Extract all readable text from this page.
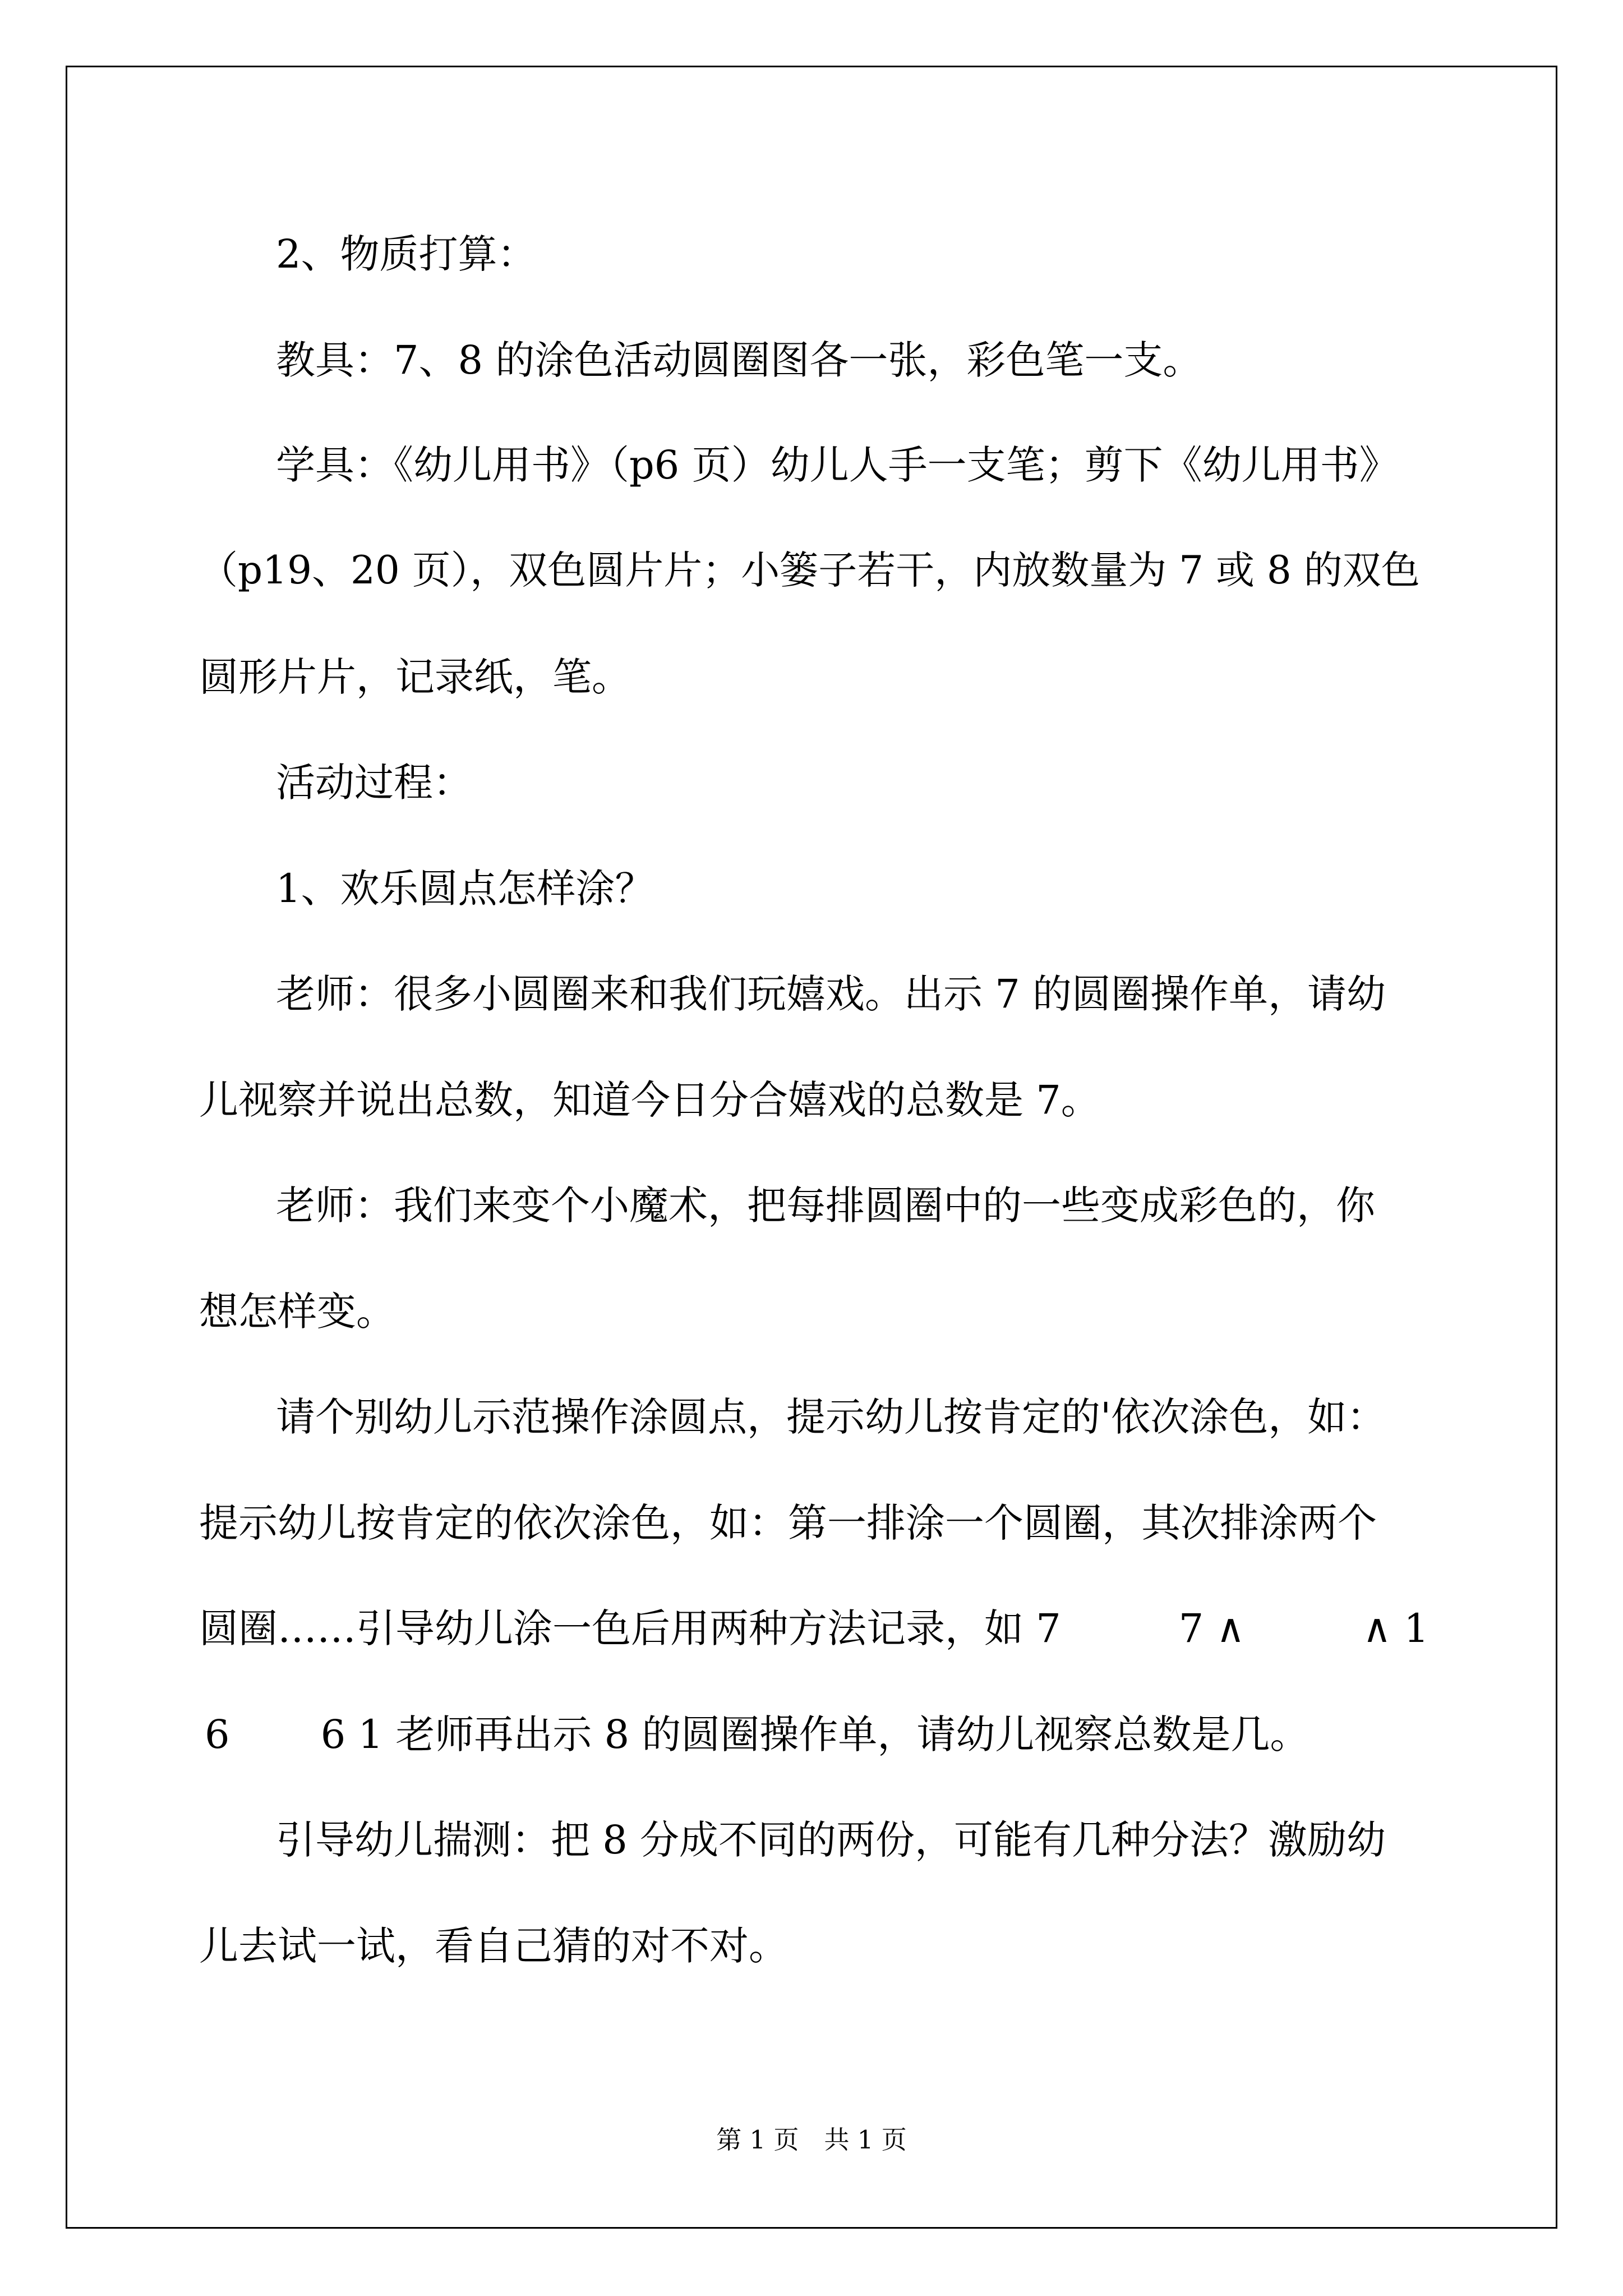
2、物质打算：

教具：7、8 的涂色活动圆圈图各一张，彩色笔一支。

学具：《幼儿用书》（p6 页）幼儿人手一支笔；剪下《幼儿用书》

（p19、20 页），双色圆片片；小篓子若干，内放数量为 7 或 8 的双色

圆形片片，记录纸，笔。

活动过程：

1、欢乐圆点怎样涂？

老师：很多小圆圈来和我们玩嬉戏。出示 7 的圆圈操作单，请幼

儿视察并说出总数，知道今日分合嬉戏的总数是 7。

老师：我们来变个小魔术，把每排圆圈中的一些变成彩色的，你

想怎样变。

请个别幼儿示范操作涂圆点，提示幼儿按肯定的'依次涂色，如：

提示幼儿按肯定的依次涂色，如：第一排涂一个圆圈，其次排涂两个

圆圈……引导幼儿涂一色后用两种方法记录，如 7　　　7 ∧　　　∧ 1

6　　 6 1 老师再出示 8 的圆圈操作单，请幼儿视察总数是几。

引导幼儿揣测：把 8 分成不同的两份，可能有几种分法？激励幼

儿去试一试，看自己猜的对不对。

第 1 页　共 1 页
